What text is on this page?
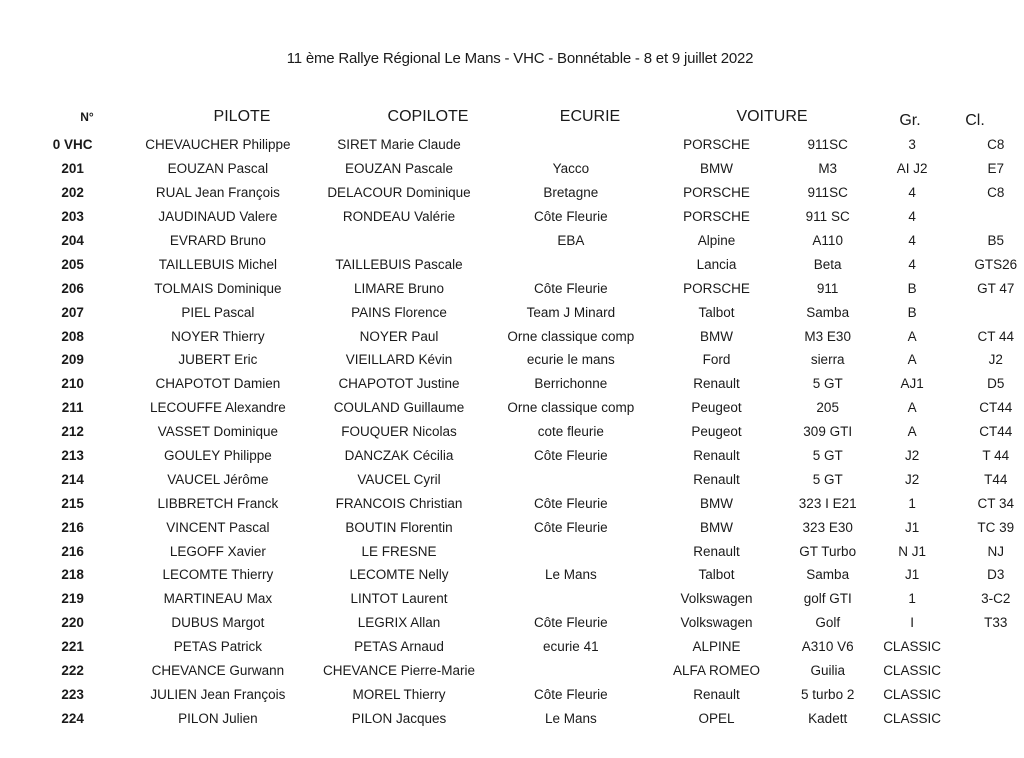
11 ème Rallye Régional Le Mans - VHC - Bonnétable - 8 et 9 juillet 2022
N°	PILOTE	COPILOTE	ECURIE	VOITURE	Gr.	Cl.
0 VHC	CHEVAUCHER Philippe	SIRET Marie Claude		PORSCHE	911SC	3	C8
201	EOUZAN Pascal	EOUZAN Pascale	Yacco	BMW	M3	AI J2	E7
202	RUAL Jean François	DELACOUR Dominique	Bretagne	PORSCHE	911SC	4	C8
203	JAUDINAUD Valere	RONDEAU Valérie	Côte Fleurie	PORSCHE	911 SC	4	
204	EVRARD Bruno		EBA	Alpine	A110	4	B5
205	TAILLEBUIS Michel	TAILLEBUIS Pascale		Lancia	Beta	4	GTS26
206	TOLMAIS Dominique	LIMARE Bruno	Côte Fleurie	PORSCHE	911	B	GT 47
207	PIEL Pascal	PAINS Florence	Team J Minard	Talbot	Samba	B	
208	NOYER Thierry	NOYER Paul	Orne classique comp	BMW	M3 E30	A	CT 44
209	JUBERT Eric	VIEILLARD Kévin	ecurie le mans	Ford	sierra	A	J2
210	CHAPOTOT Damien	CHAPOTOT Justine	Berrichonne	Renault	5 GT	AJ1	D5
211	LECOUFFE Alexandre	COULAND Guillaume	Orne classique comp	Peugeot	205	A	CT44
212	VASSET Dominique	FOUQUER Nicolas	cote fleurie	Peugeot	309 GTI	A	CT44
213	GOULEY Philippe	DANCZAK Cécilia	Côte Fleurie	Renault	5 GT	J2	T 44
214	VAUCEL Jérôme	VAUCEL Cyril		Renault	5 GT	J2	T44
215	LIBBRETCH Franck	FRANCOIS Christian	Côte Fleurie	BMW	323 I E21	1	CT 34
216	VINCENT Pascal	BOUTIN Florentin	Côte Fleurie	BMW	323 E30	J1	TC 39
216	LEGOFF Xavier	LE FRESNE		Renault	GT Turbo	N J1	NJ
218	LECOMTE Thierry	LECOMTE Nelly	Le Mans	Talbot	Samba	J1	D3
219	MARTINEAU Max	LINTOT Laurent		Volkswagen	golf GTI	1	3-C2
220	DUBUS Margot	LEGRIX Allan	Côte Fleurie	Volkswagen	Golf	I	T33
221	PETAS Patrick	PETAS Arnaud	ecurie 41	ALPINE	A310 V6	CLASSIC	
222	CHEVANCE Gurwann	CHEVANCE Pierre-Marie		ALFA ROMEO	Guilia	CLASSIC	
223	JULIEN Jean François	MOREL Thierry	Côte Fleurie	Renault	5 turbo 2	CLASSIC	
224	PILON Julien	PILON Jacques	Le Mans	OPEL	Kadett	CLASSIC	
